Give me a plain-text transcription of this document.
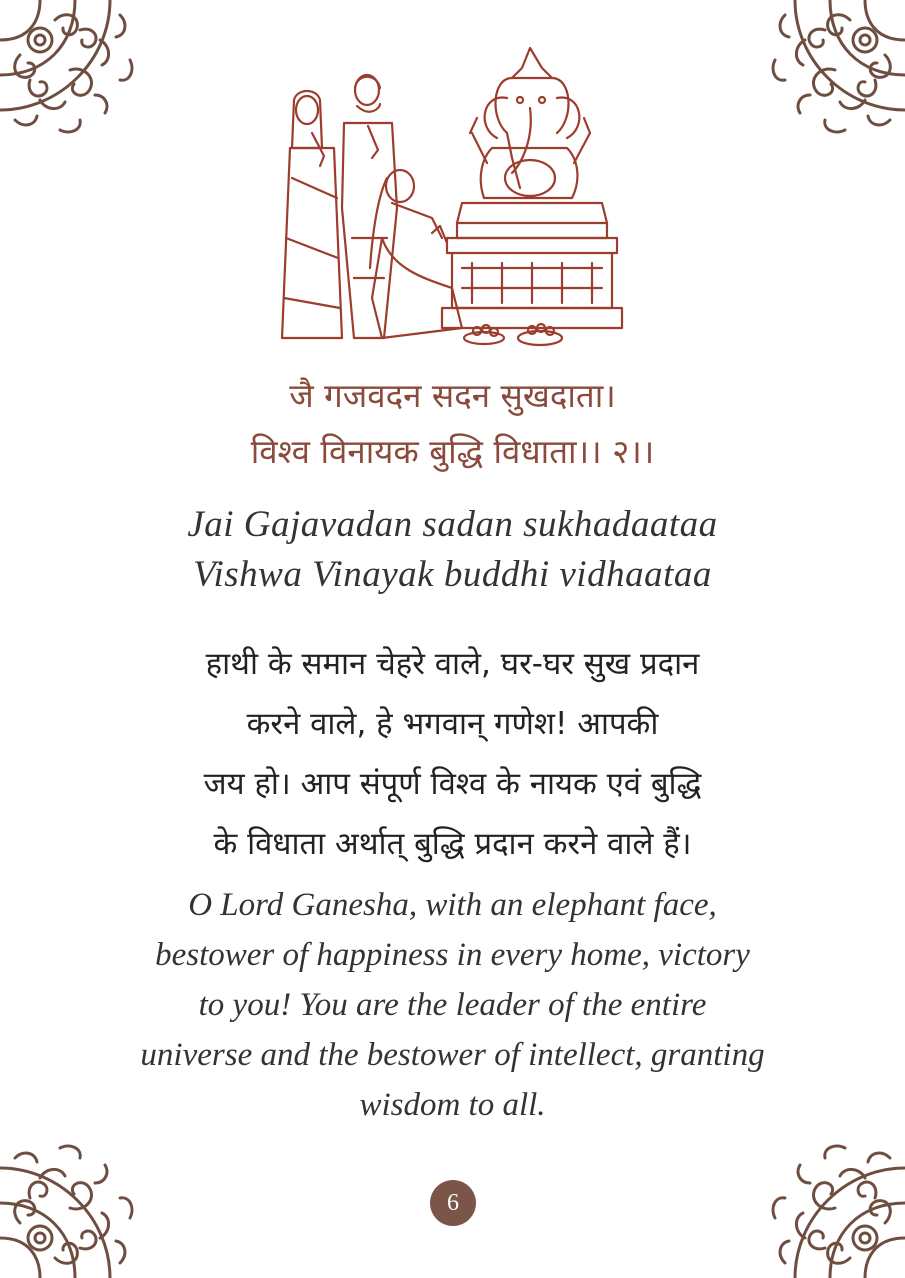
जै गजवदन सदन सुखदाता।
विश्व विनायक बुद्धि विधाता।। २।।
Jai Gajavadan sadan sukhadaataa
Vishwa Vinayak buddhi vidhaataa
हाथी के समान चेहरे वाले, घर-घर सुख प्रदान
करने वाले, हे भगवान् गणेश! आपकी
जय हो। आप संपूर्ण विश्व के नायक एवं बुद्धि
के विधाता अर्थात् बुद्धि प्रदान करने वाले हैं।
O Lord Ganesha, with an elephant face,
bestower of happiness in every home, victory
to you! You are the leader of the entire
universe and the bestower of intellect, granting
wisdom to all.
6
